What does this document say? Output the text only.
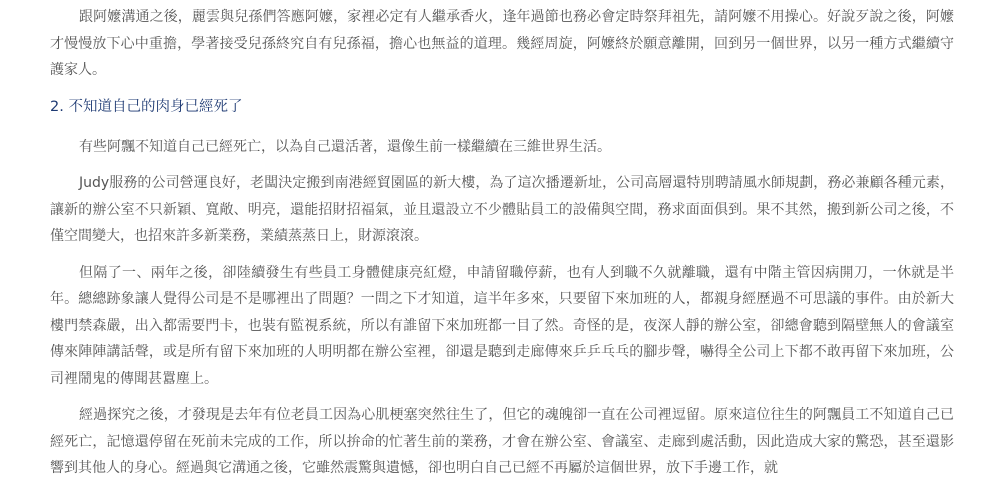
跟阿嬤溝通之後，麗雲與兒孫們答應阿嬤，家裡必定有人繼承香火，逢年過節也務必會定時祭拜祖先，請阿嬤不用操心。好說歹說之後，阿嬤才慢慢放下心中重擔，學著接受兒孫終究自有兒孫福，擔心也無益的道理。幾經周旋，阿嬤終於願意離開，回到另一個世界，以另一種方式繼續守護家人。

2. 不知道自己的肉身已經死了

有些阿飄不知道自己已經死亡，以為自己還活著，還像生前一樣繼續在三維世界生活。

Judy服務的公司營運良好，老闆決定搬到南港經貿園區的新大樓，為了這次播遷新址，公司高層還特別聘請風水師規劃，務必兼顧各種元素，讓新的辦公室不只新穎、寬敞、明亮，還能招財招福氣，並且還設立不少體貼員工的設備與空間，務求面面俱到。果不其然，搬到新公司之後，不僅空間變大，也招來許多新業務，業績蒸蒸日上，財源滾滾。

但隔了一、兩年之後，卻陸續發生有些員工身體健康亮紅燈，申請留職停薪，也有人到職不久就離職，還有中階主管因病開刀，一休就是半年。總總跡象讓人覺得公司是不是哪裡出了問題？一問之下才知道，這半年多來，只要留下來加班的人，都親身經歷過不可思議的事件。由於新大樓門禁森嚴，出入都需要門卡，也裝有監視系統，所以有誰留下來加班都一目了然。奇怪的是，夜深人靜的辦公室，卻總會聽到隔壁無人的會議室傳來陣陣講話聲，或是所有留下來加班的人明明都在辦公室裡，卻還是聽到走廊傳來乒乒乓乓的腳步聲，嚇得全公司上下都不敢再留下來加班，公司裡鬧鬼的傳聞甚囂塵上。

經過探究之後，才發現是去年有位老員工因為心肌梗塞突然往生了，但它的魂魄卻一直在公司裡逗留。原來這位往生的阿飄員工不知道自己已經死亡，記憶還停留在死前未完成的工作，所以拚命的忙著生前的業務，才會在辦公室、會議室、走廊到處活動，因此造成大家的驚恐，甚至還影響到其他人的身心。經過與它溝通之後，它雖然震驚與遺憾，卻也明白自己已經不再屬於這個世界，放下手邊工作，就
